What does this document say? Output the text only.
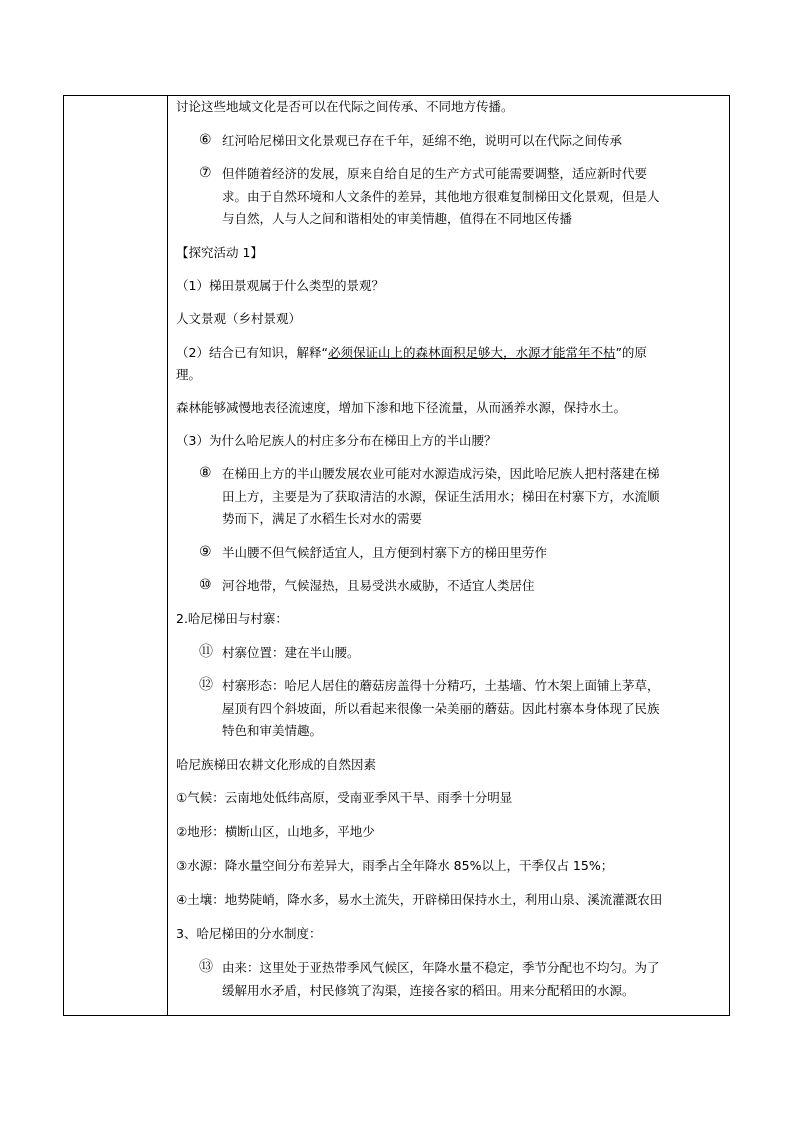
讨论这些地域文化是否可以在代际之间传承、不同地方传播。
⑥ 红河哈尼梯田文化景观已存在千年，延绵不绝，说明可以在代际之间传承
⑦ 但伴随着经济的发展，原来自给自足的生产方式可能需要调整，适应新时代要
求。由于自然环境和人文条件的差异，其他地方很难复制梯田文化景观，但是人
与自然，人与人之间和谐相处的审美情趣，值得在不同地区传播
【探究活动 1】
（1）梯田景观属于什么类型的景观？
人文景观（乡村景观）
（2）结合已有知识，解释“必须保证山上的森林面积足够大，水源才能常年不枯”的原
理。
森林能够减慢地表径流速度，增加下渗和地下径流量，从而涵养水源，保持水土。
（3）为什么哈尼族人的村庄多分布在梯田上方的半山腰？
⑧ 在梯田上方的半山腰发展农业可能对水源造成污染，因此哈尼族人把村落建在梯
田上方，主要是为了获取清洁的水源，保证生活用水；梯田在村寨下方，水流顺
势而下，满足了水稻生长对水的需要
⑨ 半山腰不但气候舒适宜人，且方便到村寨下方的梯田里劳作
⑩ 河谷地带，气候湿热，且易受洪水威胁，不适宜人类居住
2.哈尼梯田与村寨：
⑪ 村寨位置：建在半山腰。
⑫ 村寨形态：哈尼人居住的蘑菇房盖得十分精巧，土基墙、竹木架上面铺上茅草，
屋顶有四个斜坡面，所以看起来很像一朵美丽的蘑菇。因此村寨本身体现了民族
特色和审美情趣。
哈尼族梯田农耕文化形成的自然因素
①气候：云南地处低纬高原，受南亚季风干旱、雨季十分明显
②地形：横断山区，山地多，平地少
③水源：降水量空间分布差异大，雨季占全年降水 85%以上，干季仅占 15%；
④土壤：地势陡峭，降水多，易水土流失，开辟梯田保持水土，利用山泉、溪流灌溉农田
3、哈尼梯田的分水制度：
⑬ 由来：这里处于亚热带季风气候区，年降水量不稳定，季节分配也不均匀。为了
缓解用水矛盾，村民修筑了沟渠，连接各家的稻田。用来分配稻田的水源。
